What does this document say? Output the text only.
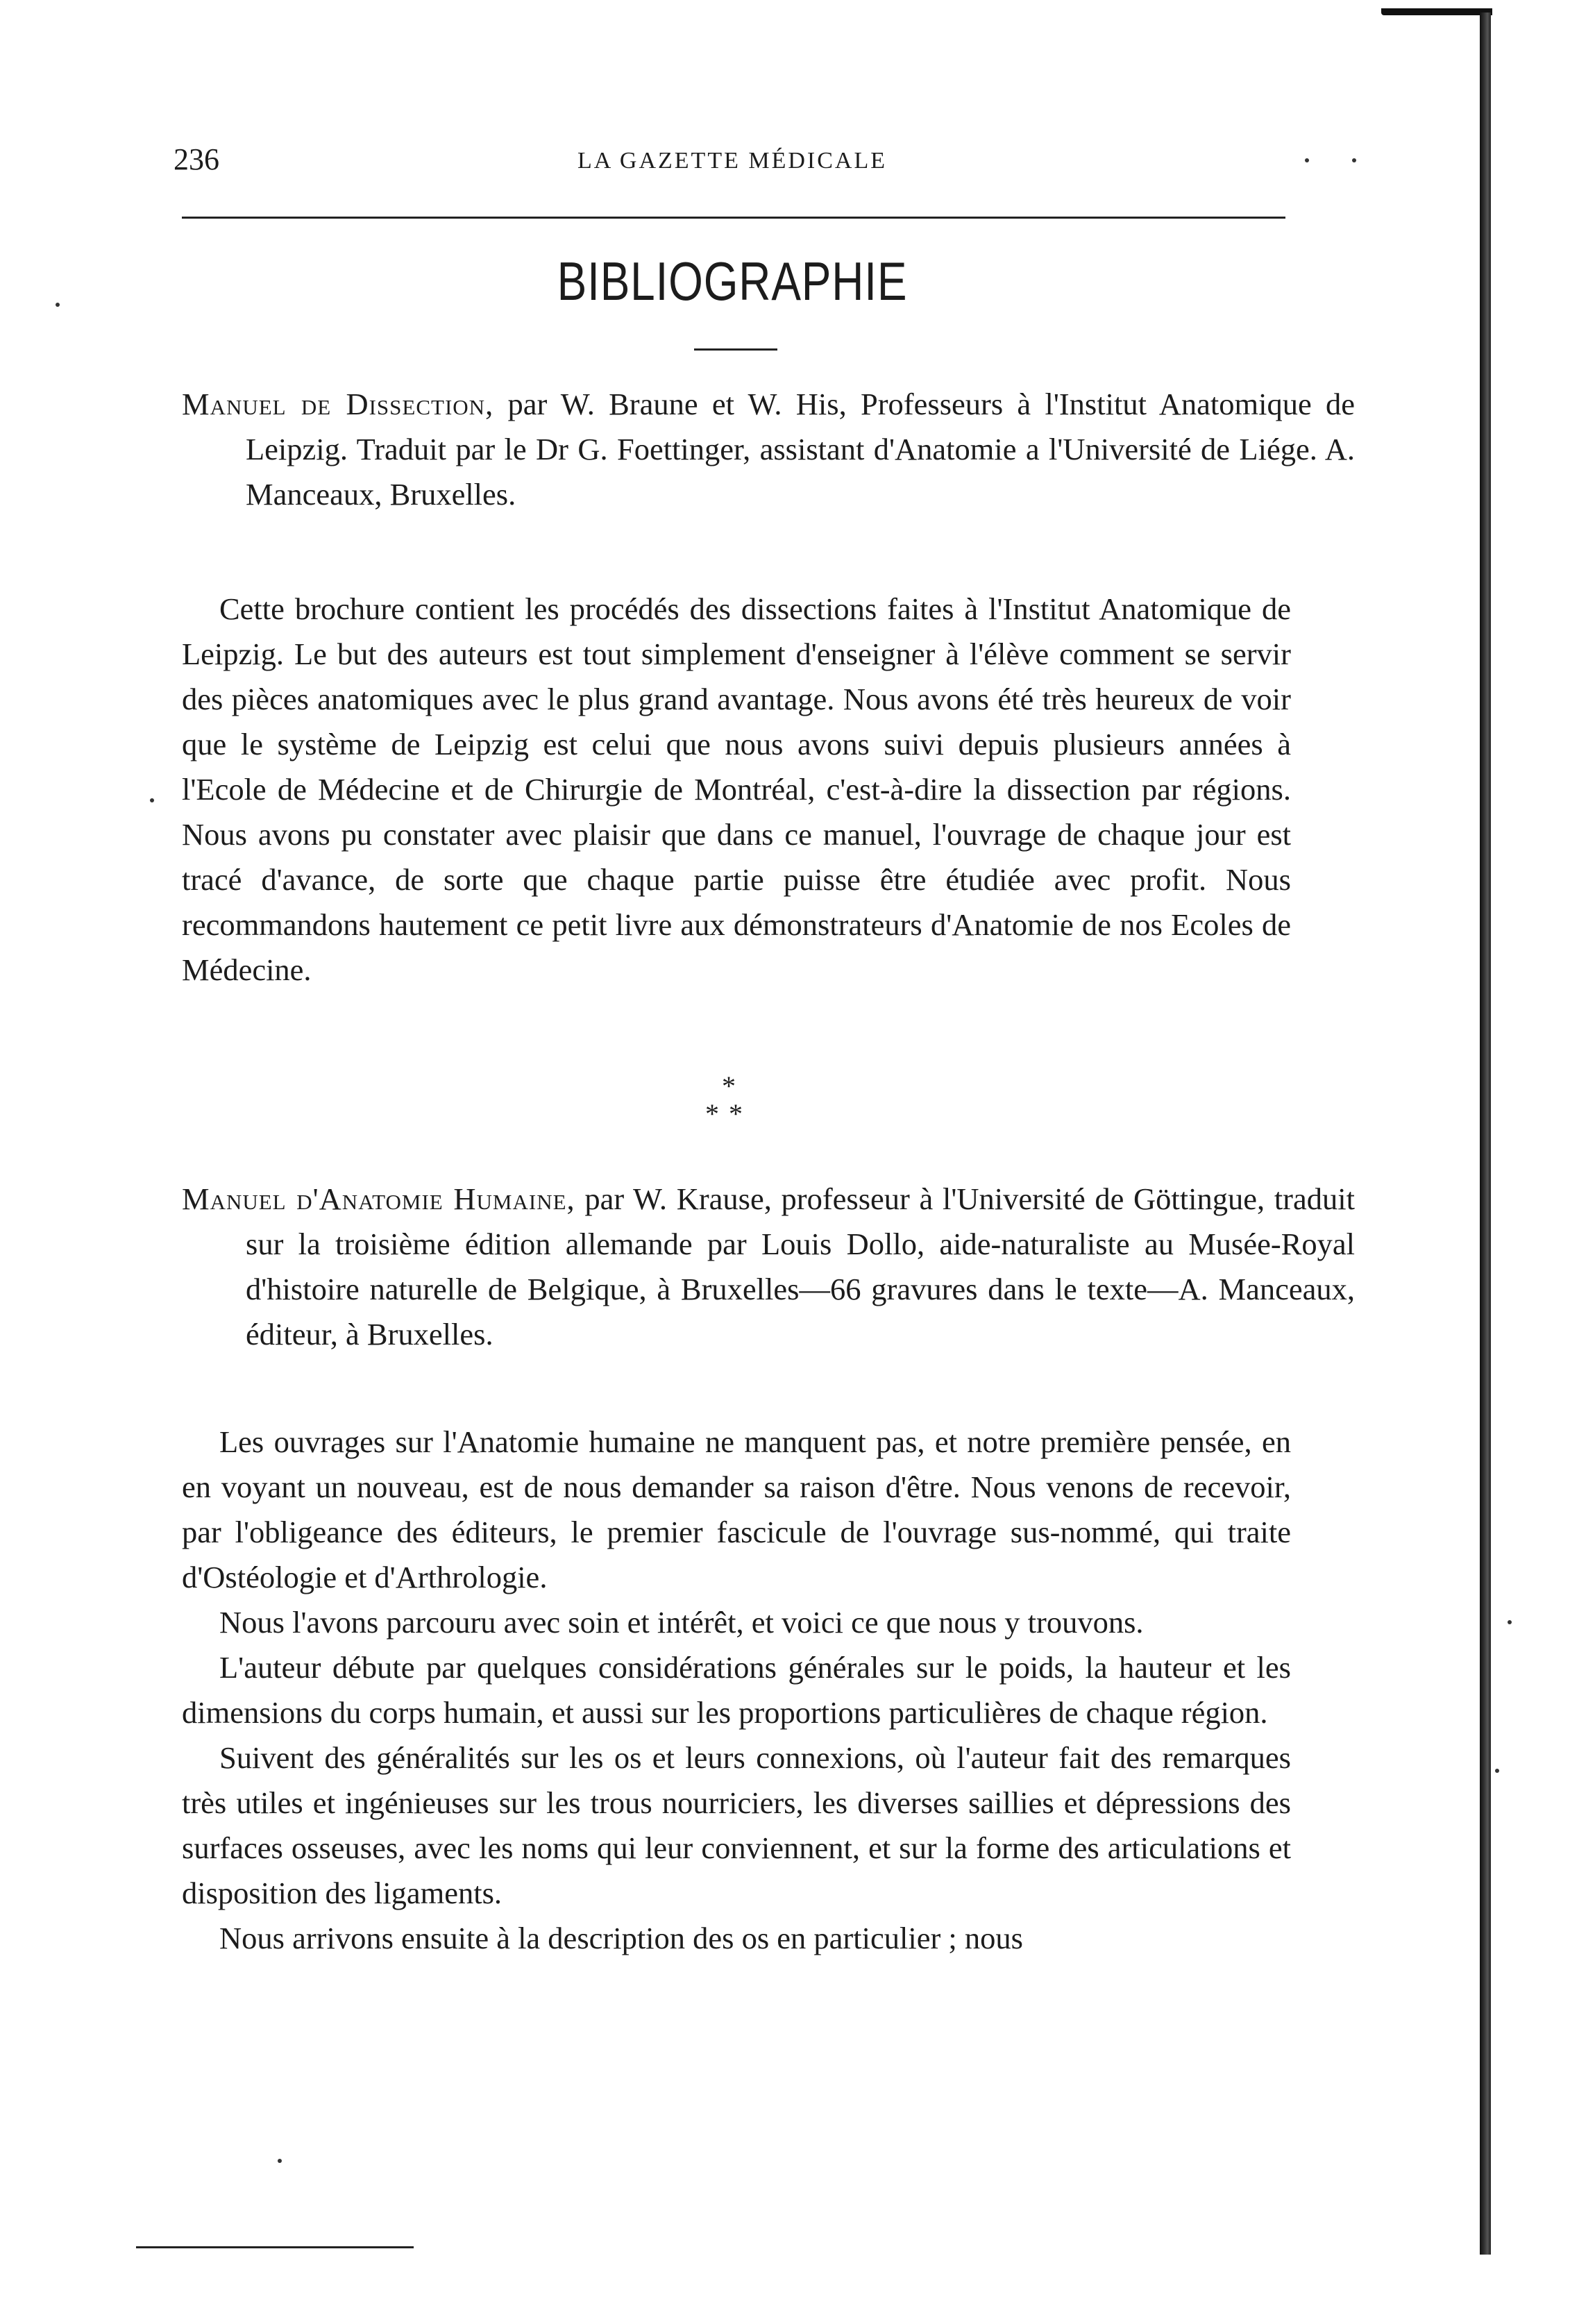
236	LA GAZETTE MÉDICALE
BIBLIOGRAPHIE
Manuel de Dissection, par W. Braune et W. His, Professeurs à l'Institut Anatomique de Leipzig. Traduit par le Dr G. Foettinger, assistant d'Anatomie a l'Université de Liége. A. Manceaux, Bruxelles.

Cette brochure contient les procédés des dissections faites à l'Institut Anatomique de Leipzig. Le but des auteurs est tout simplement d'enseigner à l'élève comment se servir des pièces anatomiques avec le plus grand avantage. Nous avons été très heureux de voir que le système de Leipzig est celui que nous avons suivi depuis plusieurs années à l'Ecole de Médecine et de Chirurgie de Montréal, c'est-à-dire la dissection par régions. Nous avons pu constater avec plaisir que dans ce manuel, l'ouvrage de chaque jour est tracé d'avance, de sorte que chaque partie puisse être étudiée avec profit. Nous recommandons hautement ce petit livre aux démonstrateurs d'Anatomie de nos Ecoles de Médecine.

*
**
Manuel d'Anatomie Humaine, par W. Krause, professeur à l'Université de Göttingue, traduit sur la troisième édition allemande par Louis Dollo, aide-naturaliste au Musée-Royal d'histoire naturelle de Belgique, à Bruxelles—66 gravures dans le texte—A. Manceaux, éditeur, à Bruxelles.

Les ouvrages sur l'Anatomie humaine ne manquent pas, et notre première pensée, en en voyant un nouveau, est de nous demander sa raison d'être. Nous venons de recevoir, par l'obligeance des éditeurs, le premier fascicule de l'ouvrage sus-nommé, qui traite d'Ostéologie et d'Arthrologie.

Nous l'avons parcouru avec soin et intérêt, et voici ce que nous y trouvons.

L'auteur débute par quelques considérations générales sur le poids, la hauteur et les dimensions du corps humain, et aussi sur les proportions particulières de chaque région.

Suivent des généralités sur les os et leurs connexions, où l'auteur fait des remarques très utiles et ingénieuses sur les trous nourriciers, les diverses saillies et dépressions des surfaces osseuses, avec les noms qui leur conviennent, et sur la forme des articulations et disposition des ligaments.

Nous arrivons ensuite à la description des os en particulier ; nous
